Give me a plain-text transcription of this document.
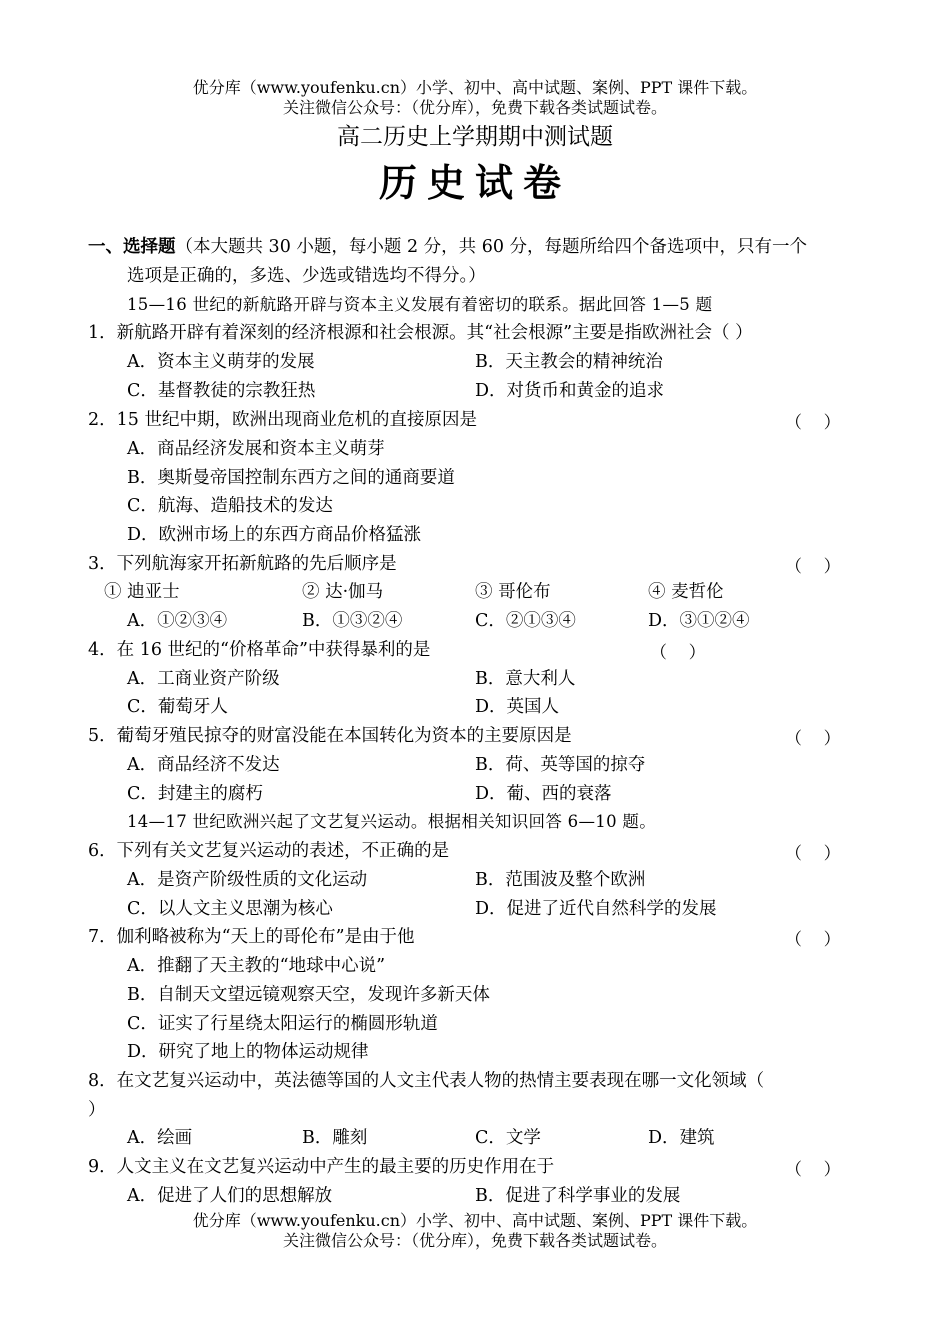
优分库（www.youfenku.cn）小学、初中、高中试题、案例、PPT 课件下载。
关注微信公众号：（优分库），免费下载各类试题试卷。
高二历史上学期期中测试题
历史试卷
一、选择题（本大题共 30 小题，每小题 2 分，共 60 分，每题所给四个备选项中，只有一个
选项是正确的，多选、少选或错选均不得分。）
15—16 世纪的新航路开辟与资本主义发展有着密切的联系。据此回答 1—5 题
1．新航路开辟有着深刻的经济根源和社会根源。其“社会根源”主要是指欧洲社会（ ）
A．资本主义萌芽的发展	B．天主教会的精神统治
C．基督教徒的宗教狂热	D．对货币和黄金的追求
2．15 世纪中期，欧洲出现商业危机的直接原因是	（    ）
A．商品经济发展和资本主义萌芽
B．奥斯曼帝国控制东西方之间的通商要道
C．航海、造船技术的发达
D．欧洲市场上的东西方商品价格猛涨
3．下列航海家开拓新航路的先后顺序是	（    ）
① 迪亚士	② 达·伽马	③ 哥伦布	④ 麦哲伦
A．①②③④	B．①③②④	C．②①③④	D．③①②④
4．在 16 世纪的“价格革命”中获得暴利的是	（    ）
A．工商业资产阶级	B．意大利人
C．葡萄牙人	D．英国人
5．葡萄牙殖民掠夺的财富没能在本国转化为资本的主要原因是	（    ）
A．商品经济不发达	B．荷、英等国的掠夺
C．封建主的腐朽	D．葡、西的衰落
14—17 世纪欧洲兴起了文艺复兴运动。根据相关知识回答 6—10 题。
6．下列有关文艺复兴运动的表述，不正确的是	（    ）
A．是资产阶级性质的文化运动	B．范围波及整个欧洲
C．以人文主义思潮为核心	D．促进了近代自然科学的发展
7．伽利略被称为“天上的哥伦布”是由于他	（    ）
A．推翻了天主教的“地球中心说”
B．自制天文望远镜观察天空，发现许多新天体
C．证实了行星绕太阳运行的椭圆形轨道
D．研究了地上的物体运动规律
8．在文艺复兴运动中，英法德等国的人文主代表人物的热情主要表现在哪一文化领域（
）
A．绘画	B．雕刻	C．文学	D．建筑
9．人文主义在文艺复兴运动中产生的最主要的历史作用在于	（    ）
A．促进了人们的思想解放	B．促进了科学事业的发展
优分库（www.youfenku.cn）小学、初中、高中试题、案例、PPT 课件下载。
关注微信公众号：（优分库），免费下载各类试题试卷。
